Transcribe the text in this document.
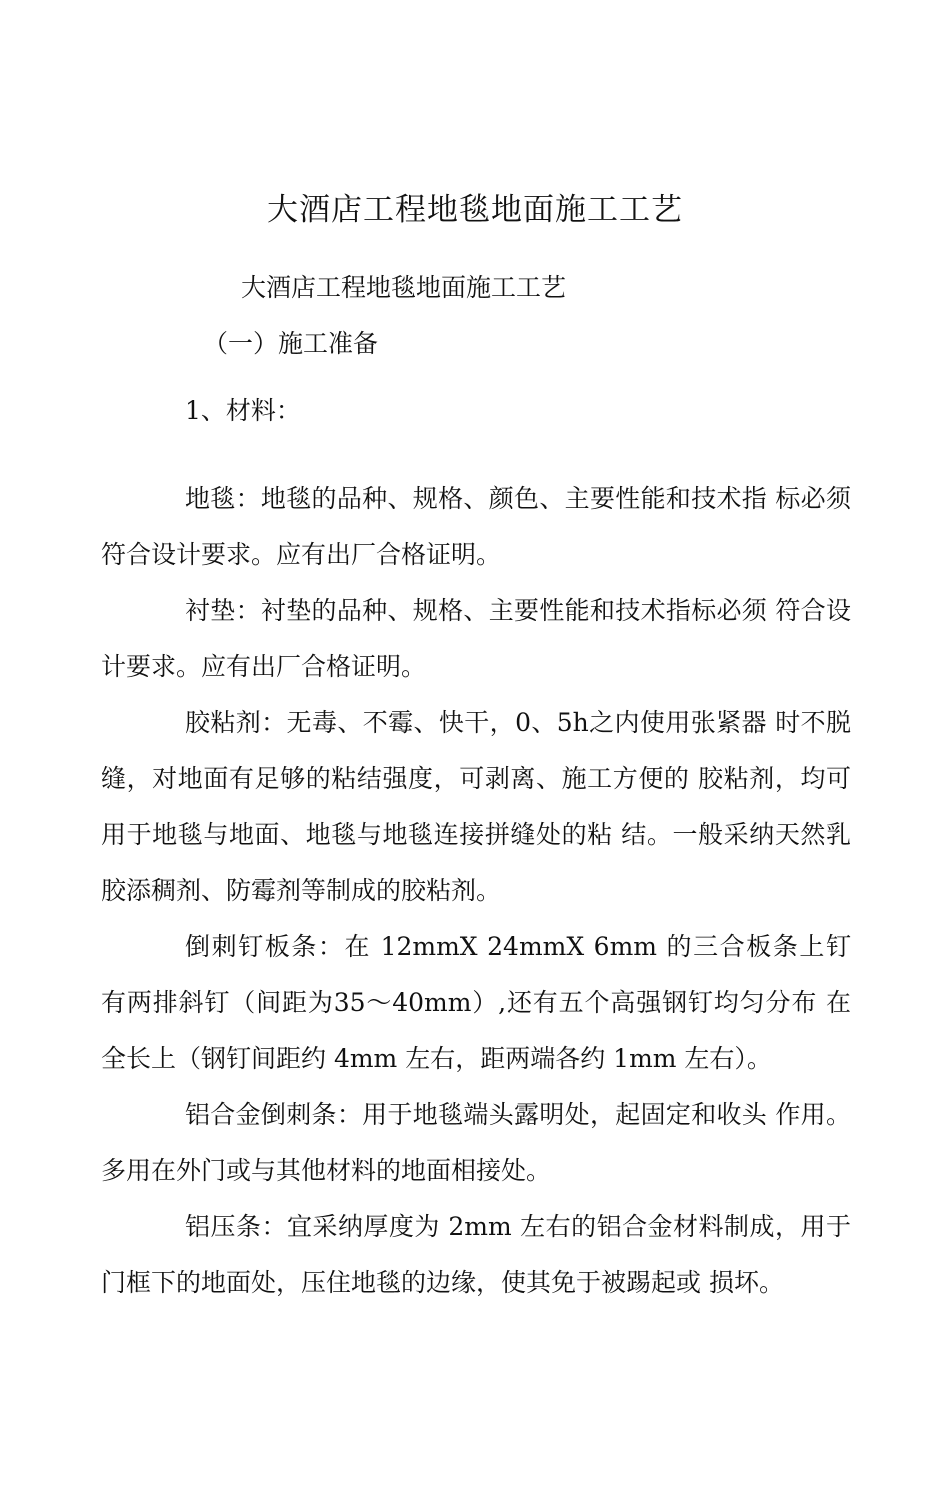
大酒店工程地毯地面施工工艺
大酒店工程地毯地面施工工艺
（一）施工准备
1、材料：

地毯：地毯的品种、规格、颜色、主要性能和技术指 标必须符合设计要求。应有出厂合格证明。

衬垫：衬垫的品种、规格、主要性能和技术指标必须 符合设计要求。应有出厂合格证明。

胶粘剂：无毒、不霉、快干，0、5h之内使用张紧器 时不脱缝，对地面有足够的粘结强度，可剥离、施工方便的 胶粘剂，均可用于地毯与地面、地毯与地毯连接拼缝处的粘 结。一般采纳天然乳胶添稠剂、防霉剂等制成的胶粘剂。

倒刺钉板条：在 12mmX 24mmX 6mm 的三合板条上钉 有两排斜钉（间距为35〜40mm）,还有五个高强钢钉均匀分布 在全长上（钢钉间距约 4mm 左右，距两端各约 1mm 左右）。

铝合金倒刺条：用于地毯端头露明处，起固定和收头 作用。多用在外门或与其他材料的地面相接处。

铝压条：宜采纳厚度为 2mm 左右的铝合金材料制成，用于门框下的地面处，压住地毯的边缘，使其免于被踢起或 损坏。
